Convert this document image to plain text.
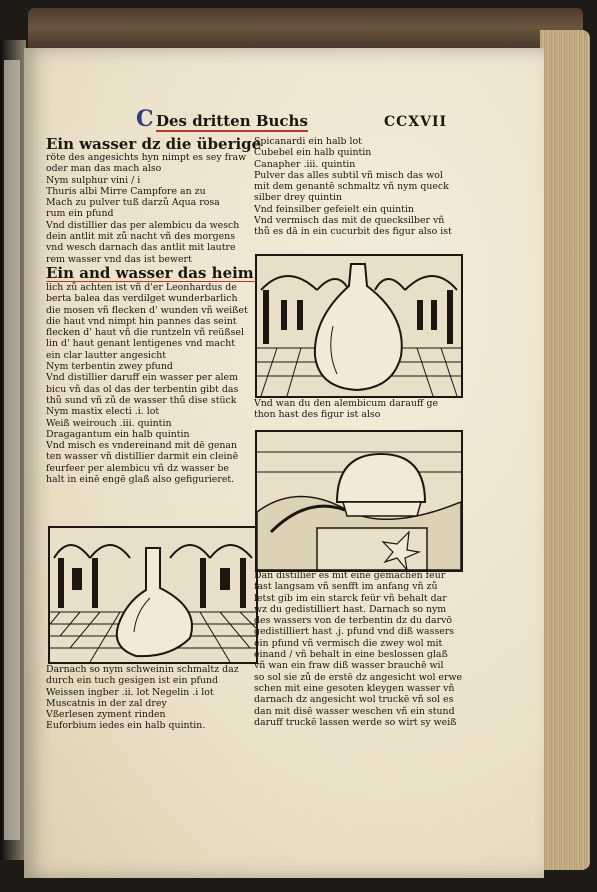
C Des dritten Buchs	CCXVII
Ein wasser dz die überige
röte des angesichts hyn nimpt es sey fraw
oder man das mach also
Nym sulphur vini / i
Thuris albi Mirre Campfore an zu
Mach zu pulver tuß darzů Aqua rosa
rum ein pfund
Vnd distillier das per alembicu da wesch
dein antlit mit zů nacht vñ des morgens
vnd wesch darnach das antlit mit lautre
rem wasser vnd das ist bewert
Ein and wasser das heim
lich zů achten ist vñ d'er Leonhardus de
berta balea das verdilget wunderbarlich
die mosen vñ flecken d' wunden vñ weißet
die haut vnd nimpt hin pannes das seint
flecken d' haut vñ die runtzeln vñ reüßsel
lin d' haut genant lentigenes vnd macht
ein clar lautter angesicht
Nym terbentin zwey pfund
Vnd distillier daruff ein wasser per alem
bicu vñ das ol das der terbentin gibt das
thů sund vñ zů de wasser thů dise stück
Nym mastix electi .i. lot
Weiß weirouch .iii. quintin
Dragagantum ein halb quintin
Vnd misch es vndereinand mit dē genan
ten wasser vñ distillier darmit ein cleinē
feurfeer per alembicu vñ dz wasser be
halt in einē engē glaß also gefigurieret.
Darnach so nym schweinin schmaltz daz
durch ein tuch gesigen ist ein pfund
Weissen ingber .ii. lot Negelin .i lot
Muscatnis in der zal drey
Vßerlesen zyment rinden
Euforbium iedes ein halb quintin.
Spicanardi ein halb lot
Cubebel ein halb quintin
Canapher .iii. quintin
Pulver das alles subtil vñ misch das wol
mit dem genantē schmaltz vñ nym queck
silber drey quintin
Vnd feinsilber gefeielt ein quintin
Vnd vermisch das mit de quecksilber vñ
thů es dā in ein cucurbit des figur also ist
Vnd wan du den alembicum darauff ge
thon hast des figur ist also
Dan distillier es mit eine gemachen feür
fast langsam vñ senfft im anfang vñ zů
letst gib im ein starck feür vñ behalt dar
wz du gedistilliert hast. Darnach so nym
des wassers von de terbentin dz du darvō
gedistilliert hast .j. pfund vnd diß wassers
ein pfund vñ vermisch die zwey wol mit
einand / vñ behalt in eine beslossen glaß
vñ wan ein fraw diß wasser brauchē wil
so sol sie zů de erstē dz angesicht wol erwe
schen mit eine gesoten kleygen wasser vñ
darnach dz angesicht wol truckē vñ sol es
dan mit disē wasser weschen vñ ein stund
daruff truckē lassen werde so wirt sy weiß
